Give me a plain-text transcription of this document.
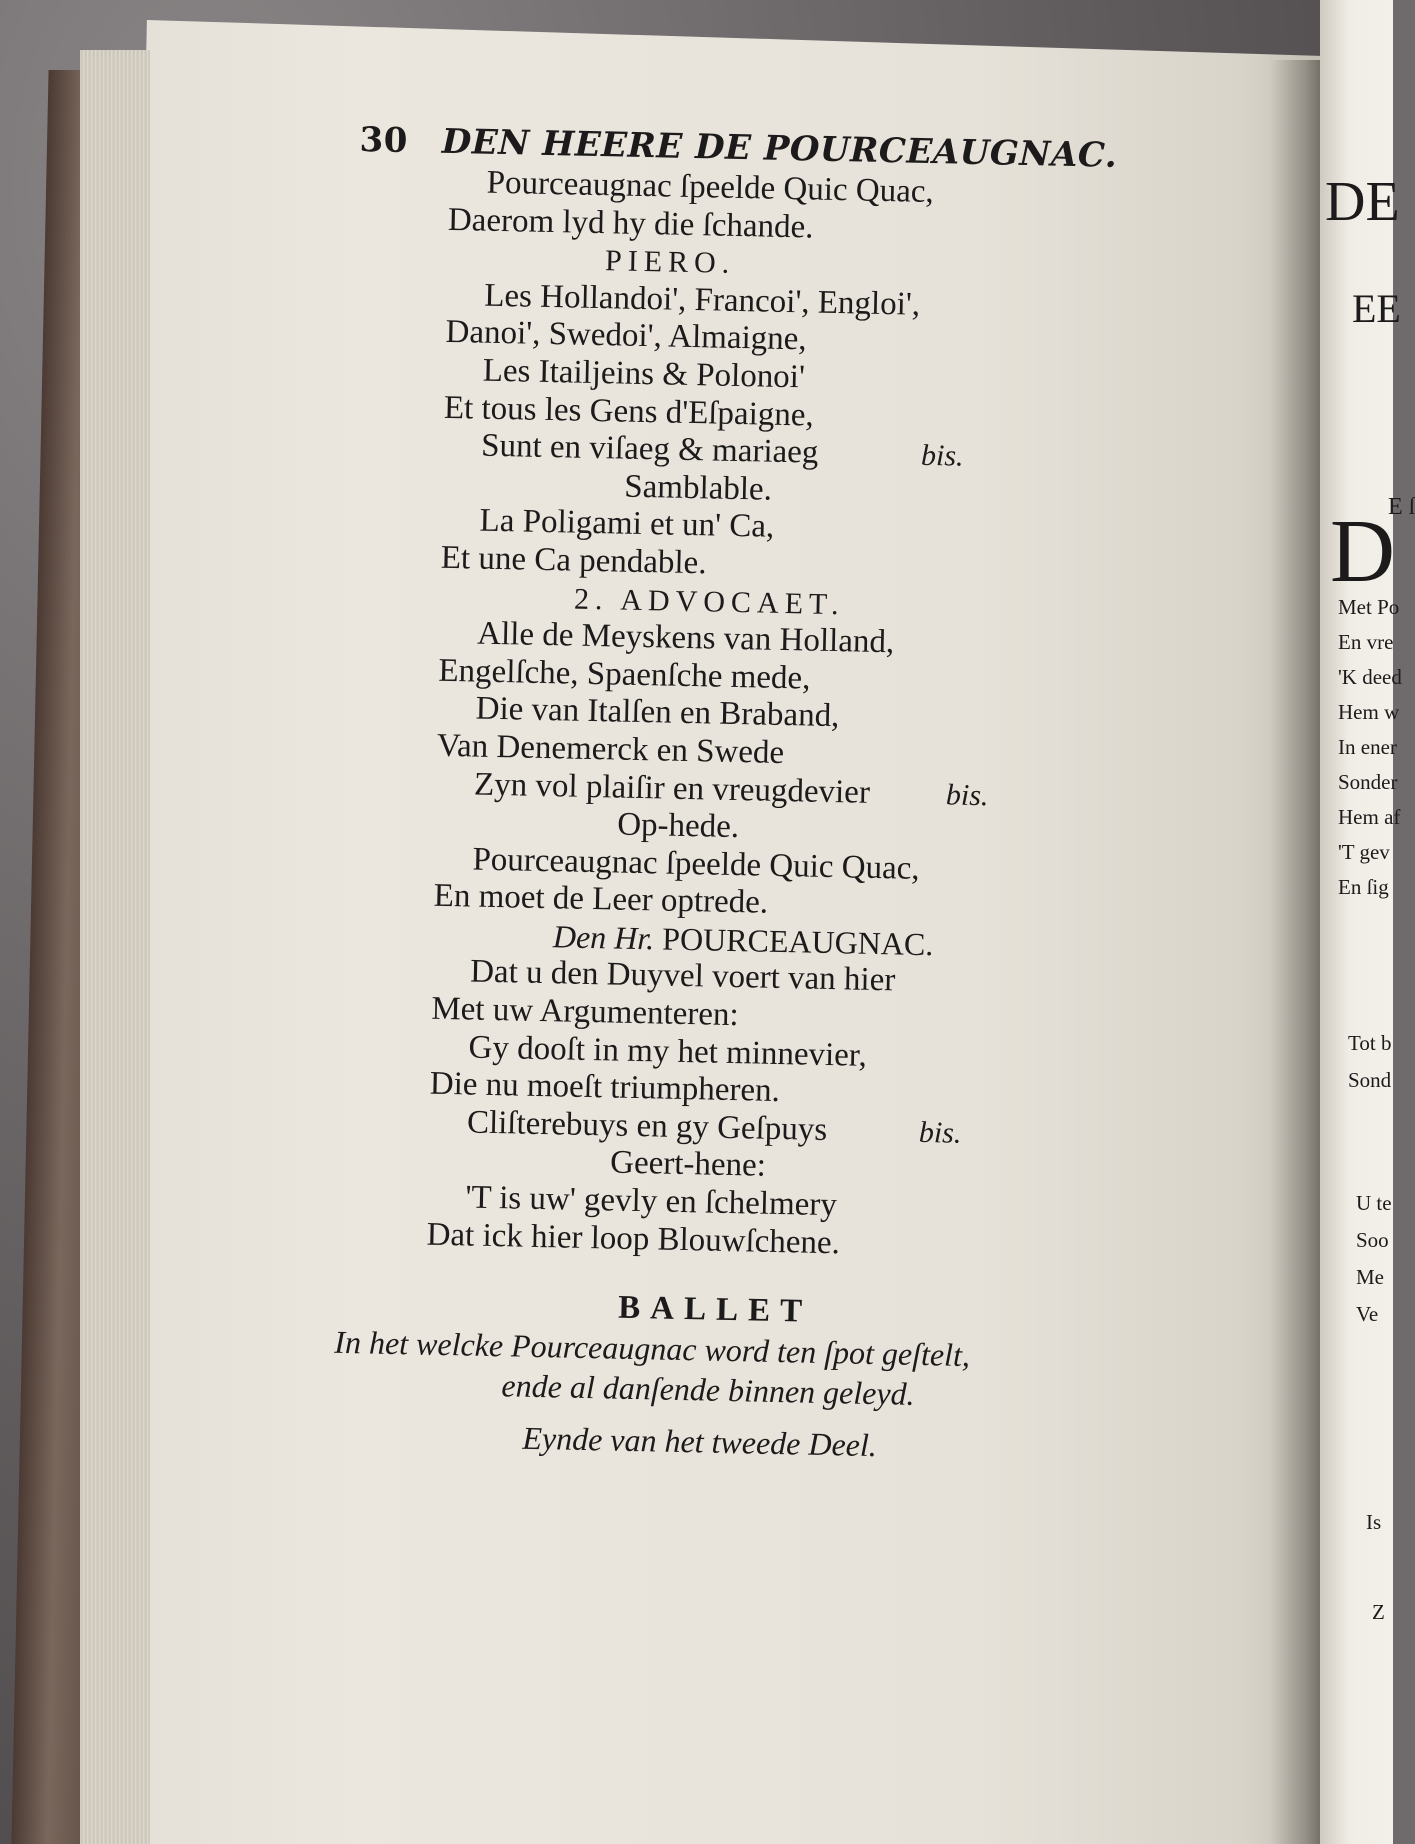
DE
EE
D
E ſ
Met Po
En vre
'K deed
Hem w
In ener
Sonder
Hem af
'T gev
En ſig
Tot b
Sond
U te
Soo
Me
Ve
Is
Z
30 DEN HEERE DE POURCEAUGNAC.
Pourceaugnac ſpeelde Quic Quac,
Daerom lyd hy die ſchande.
PIERO.
Les Hollandoi', Francoi', Engloi',
Danoi', Swedoi', Almaigne,
Les Itailjeins & Polonoi'
Et tous les Gens d'Eſpaigne,
Sunt en viſaeg & mariaeg	bis.
Samblable.
La Poligami et un' Ca,
Et une Ca pendable.
2. ADVOCAET.
Alle de Meyskens van Holland,
Engelſche, Spaenſche mede,
Die van Italſen en Braband,
Van Denemerck en Swede
Zyn vol plaiſir en vreugdevier	bis.
Op-hede.
Pourceaugnac ſpeelde Quic Quac,
En moet de Leer optrede.
Den Hr. POURCEAUGNAC.
Dat u den Duyvel voert van hier
Met uw Argumenteren:
Gy dooſt in my het minnevier,
Die nu moeſt triumpheren.
Cliſterebuys en gy Geſpuys	bis.
Geert-hene:
'T is uw' gevly en ſchelmery
Dat ick hier loop Blouwſchene.
BALLET
In het welcke Pourceaugnac word ten ſpot geſtelt,
ende al danſende binnen geleyd.
Eynde van het tweede Deel.
